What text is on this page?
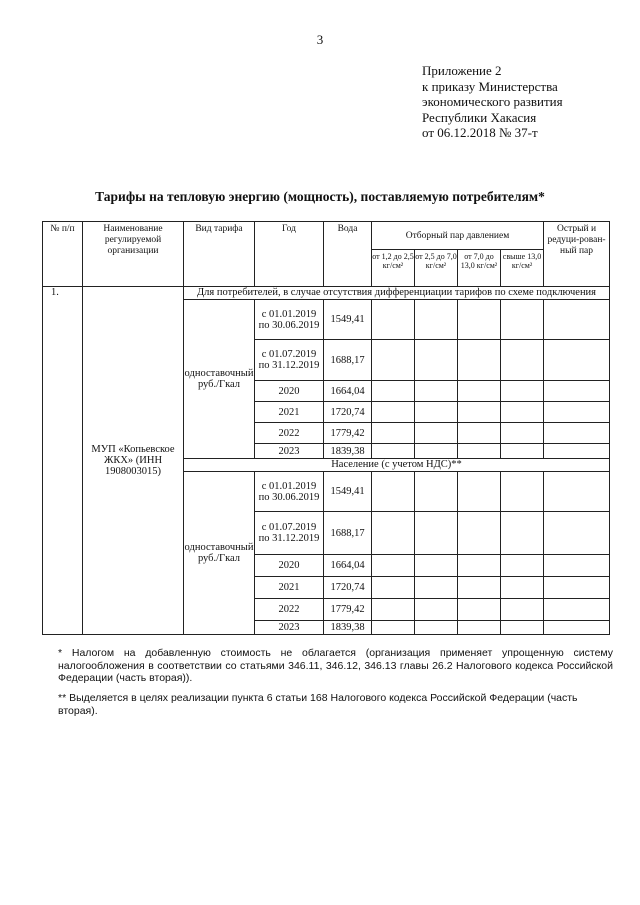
3
Приложение 2
к приказу Министерства
экономического развития
Республики Хакасия
от 06.12.2018 № 37-т
Тарифы на тепловую энергию (мощность), поставляемую потребителям*
№ п/п	Наименование регулируемой организации	Вид тарифа	Год	Вода	Отборный пар давлением				Острый и редуци-рован-ный пар
					от 1,2 до 2,5 кг/см²	от 2,5 до 7,0 кг/см²	от 7,0 до 13,0 кг/см²	свыше 13,0 кг/см²	
1.	МУП «Копьевское ЖКХ» (ИНН 1908003015)	Для потребителей, в случае отсутствия дифференциации тарифов по схеме подключения							
		одноставочный руб./Гкал	с 01.01.2019 по 30.06.2019	1549,41					
			с 01.07.2019 по 31.12.2019	1688,17					
			2020	1664,04					
			2021	1720,74					
			2022	1779,42					
			2023	1839,38					
		Население (с учетом НДС)**							
		одноставочный руб./Гкал	с 01.01.2019 по 30.06.2019	1549,41					
			с 01.07.2019 по 31.12.2019	1688,17					
			2020	1664,04					
			2021	1720,74					
			2022	1779,42					
			2023	1839,38					
* Налогом на добавленную стоимость не облагается (организация применяет упрощенную систему налогообложения в соответствии со статьями 346.11, 346.12, 346.13 главы 26.2 Налогового кодекса Российской Федерации (часть вторая)).
** Выделяется в целях реализации пункта 6 статьи 168 Налогового кодекса Российской Федерации (часть вторая).
